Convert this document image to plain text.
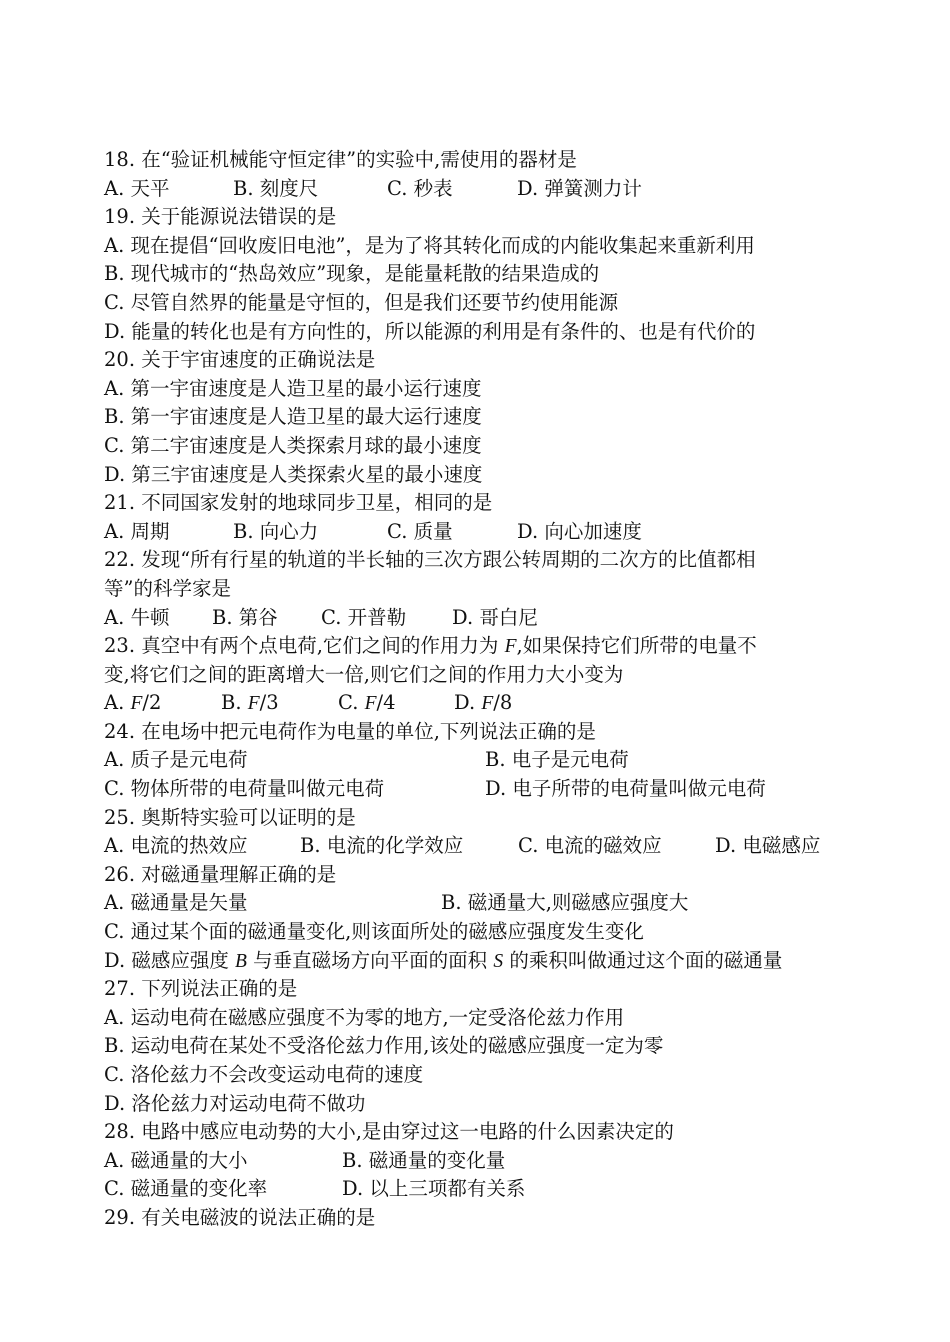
18. 在“验证机械能守恒定律”的实验中,需使用的器材是
A. 天平	B. 刻度尺	C. 秒表	D. 弹簧测力计
19. 关于能源说法错误的是
A. 现在提倡“回收废旧电池”，是为了将其转化而成的内能收集起来重新利用
B. 现代城市的“热岛效应”现象，是能量耗散的结果造成的
C. 尽管自然界的能量是守恒的，但是我们还要节约使用能源
D. 能量的转化也是有方向性的，所以能源的利用是有条件的、也是有代价的
20. 关于宇宙速度的正确说法是
A. 第一宇宙速度是人造卫星的最小运行速度
B. 第一宇宙速度是人造卫星的最大运行速度
C. 第二宇宙速度是人类探索月球的最小速度
D. 第三宇宙速度是人类探索火星的最小速度
21. 不同国家发射的地球同步卫星，相同的是
A. 周期	B. 向心力	C. 质量	D. 向心加速度
22. 发现“所有行星的轨道的半长轴的三次方跟公转周期的二次方的比值都相
等”的科学家是
A. 牛顿 B. 第谷 C. 开普勒 D. 哥白尼
23. 真空中有两个点电荷,它们之间的作用力为 F,如果保持它们所带的电量不
变,将它们之间的距离增大一倍,则它们之间的作用力大小变为
A. F/2	B. F/3	C. F/4	D. F/8
24. 在电场中把元电荷作为电量的单位,下列说法正确的是
A. 质子是元电荷	B. 电子是元电荷
C. 物体所带的电荷量叫做元电荷	D. 电子所带的电荷量叫做元电荷
25. 奥斯特实验可以证明的是
A. 电流的热效应	B. 电流的化学效应	C. 电流的磁效应	D. 电磁感应
26. 对磁通量理解正确的是
A. 磁通量是矢量	B. 磁通量大,则磁感应强度大
C. 通过某个面的磁通量变化,则该面所处的磁感应强度发生变化
D. 磁感应强度 B 与垂直磁场方向平面的面积 S 的乘积叫做通过这个面的磁通量
27. 下列说法正确的是
A. 运动电荷在磁感应强度不为零的地方,一定受洛伦兹力作用
B. 运动电荷在某处不受洛伦兹力作用,该处的磁感应强度一定为零
C. 洛伦兹力不会改变运动电荷的速度
D. 洛伦兹力对运动电荷不做功
28. 电路中感应电动势的大小,是由穿过这一电路的什么因素决定的
A. 磁通量的大小	B. 磁通量的变化量
C. 磁通量的变化率	D. 以上三项都有关系
29. 有关电磁波的说法正确的是
